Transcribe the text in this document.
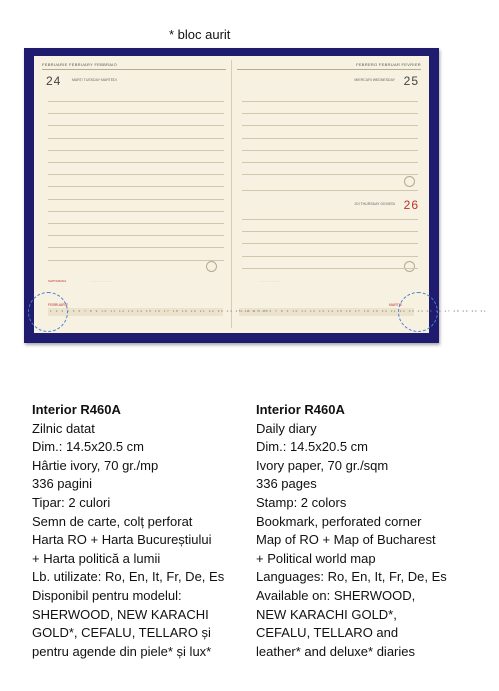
* bloc aurit
FEBRUARIE FEBRUARY FEBBRAIO	FEBRERO FEBRUAR FEVRIER
24	MARȚI TUESDAY MARTEDI	25
MIERCURI WEDNESDAY
26
JOI THURSDAY GIOVEDI
SAPTAMANA	·········· ··········	·········· ··········
FEBRUARIE	MARTIE
1 2 3 4 5 6 7 8 9 10 11 12 13 14 15 16 17 18 19 20 21 22 23 24 25 26 27 28
1 2 3 4 5 6 7 8 9 10 11 12 13 14 15 16 17 18 19 20 21 22 23 24 25 26 27 28 29 30 31
Interior R460A
Zilnic datat
Dim.: 14.5x20.5 cm
Hârtie ivory, 70 gr./mp
336 pagini
Tipar: 2 culori
Semn de carte, colț perforat
Harta RO + Harta Bucureștiului
+ Harta politică a lumii
Lb. utilizate: Ro, En, It, Fr, De, Es
Disponibil pentru modelul:
SHERWOOD, NEW KARACHI
GOLD*, CEFALU, TELLARO și
pentru agende din piele* și lux*
Interior R460A
Daily diary
Dim.: 14.5x20.5 cm
Ivory paper, 70 gr./sqm
336 pages
Stamp: 2 colors
Bookmark, perforated corner
Map of RO + Map of Bucharest
+ Political world map
Languages: Ro, En, It, Fr, De, Es
Available on: SHERWOOD,
NEW KARACHI GOLD*,
CEFALU, TELLARO and
leather* and deluxe* diaries
